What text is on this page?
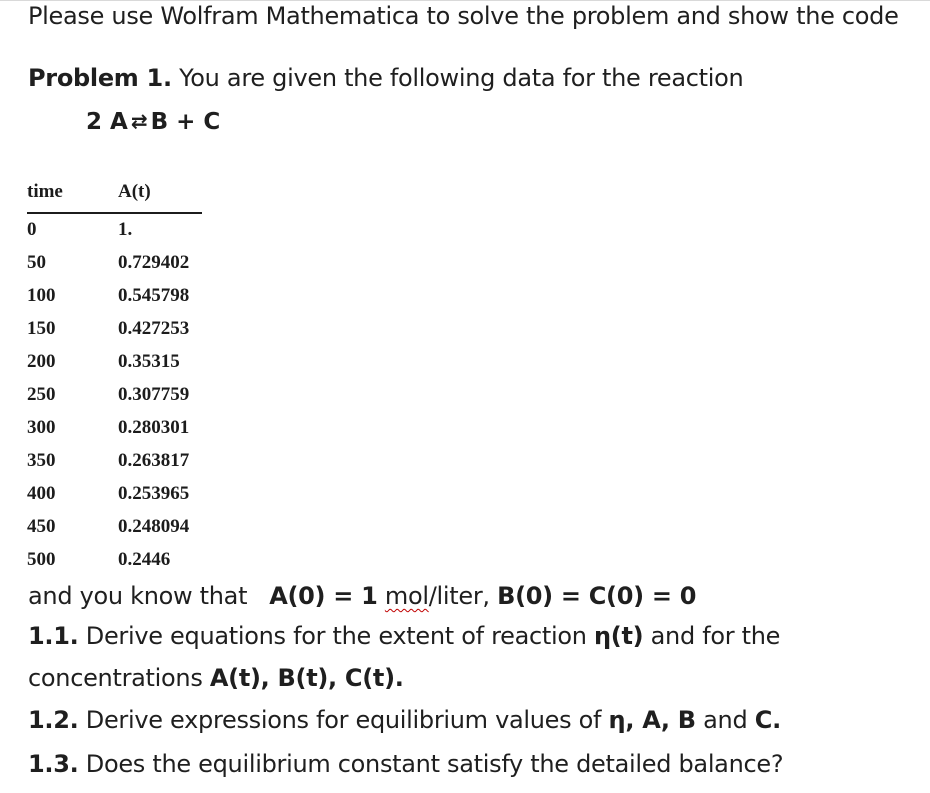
Please use Wolfram Mathematica to solve the problem and show the code
Problem 1. You are given the following data for the reaction
2 A ⇄ B + C
time	A(t)
0	1.
50	0.729402
100	0.545798
150	0.427253
200	0.35315
250	0.307759
300	0.280301
350	0.263817
400	0.253965
450	0.248094
500	0.2446
and you know that A(0) = 1 mol/liter, B(0) = C(0) = 0
1.1. Derive equations for the extent of reaction η(t) and for the
concentrations A(t), B(t), C(t).
1.2. Derive expressions for equilibrium values of η, A, B and C.
1.3. Does the equilibrium constant satisfy the detailed balance?
